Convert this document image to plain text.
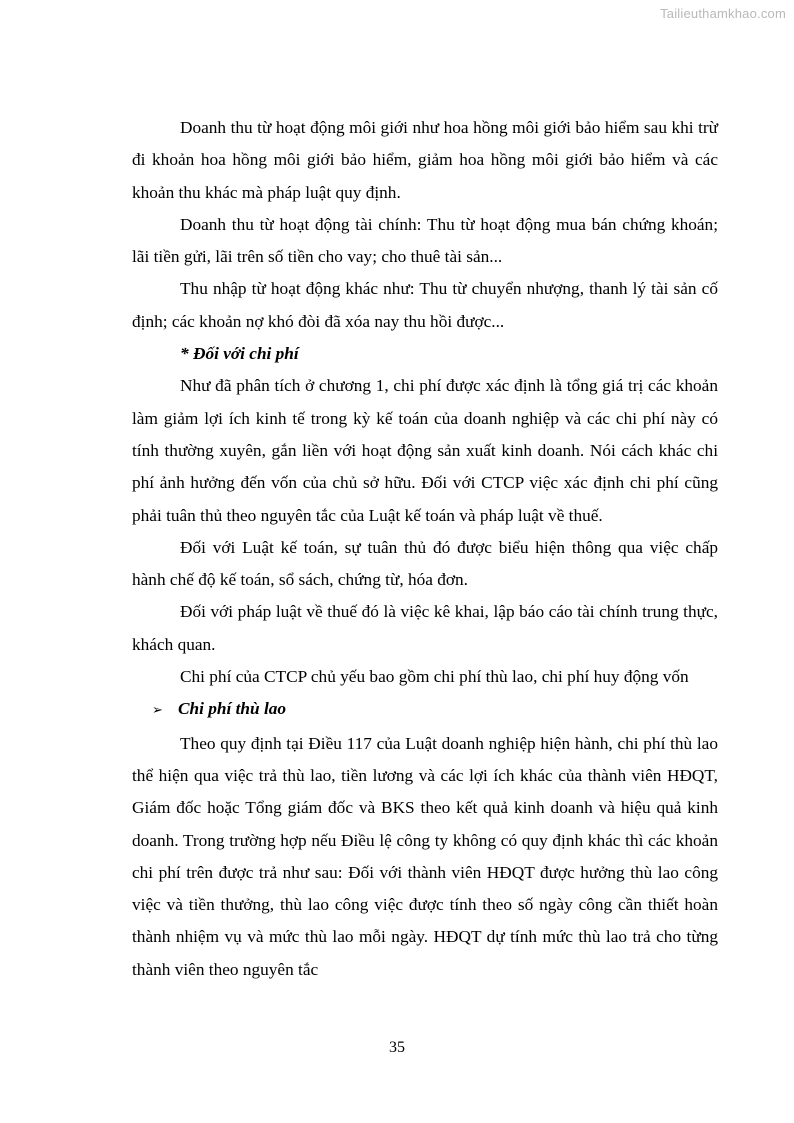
Tailieuthamkhao.com

Doanh thu từ hoạt động môi giới như hoa hồng môi giới bảo hiểm sau khi trừ đi khoản hoa hồng môi giới bảo hiểm, giảm hoa hồng môi giới bảo hiểm và các khoản thu khác mà pháp luật quy định.

Doanh thu từ hoạt động tài chính: Thu từ hoạt động mua bán chứng khoán; lãi tiền gửi, lãi trên số tiền cho vay; cho thuê tài sản...

Thu nhập từ hoạt động khác như: Thu từ chuyển nhượng, thanh lý tài sản cố định; các khoản nợ khó đòi đã xóa nay thu hồi được...

* Đối với chi phí

Như đã phân tích ở chương 1, chi phí được xác định là tổng giá trị các khoản làm giảm lợi ích kinh tế trong kỳ kế toán của doanh nghiệp và các chi phí này có tính thường xuyên, gắn liền với hoạt động sản xuất kinh doanh. Nói cách khác chi phí ảnh hưởng đến vốn của chủ sở hữu. Đối với CTCP việc xác định chi phí cũng phải tuân thủ theo nguyên tắc của Luật kế toán và pháp luật về thuế.

Đối với Luật kế toán, sự tuân thủ đó được biểu hiện thông qua việc chấp hành chế độ kế toán, sổ sách, chứng từ, hóa đơn.

Đối với pháp luật về thuế đó là việc kê khai, lập báo cáo tài chính trung thực, khách quan.

Chi phí của CTCP chủ yếu bao gồm chi phí thù lao, chi phí huy động vốn

➢ Chi phí thù lao

Theo quy định tại Điều 117 của Luật doanh nghiệp hiện hành, chi phí thù lao thể hiện qua việc trả thù lao, tiền lương và các lợi ích khác của thành viên HĐQT, Giám đốc hoặc Tổng giám đốc và BKS theo kết quả kinh doanh và hiệu quả kinh doanh. Trong trường hợp nếu Điều lệ công ty không có quy định khác thì các khoản chi phí trên được trả như sau: Đối với thành viên HĐQT được hưởng thù lao công việc và tiền thưởng, thù lao công việc được tính theo số ngày công cần thiết hoàn thành nhiệm vụ và mức thù lao mỗi ngày. HĐQT dự tính mức thù lao trả cho từng thành viên theo nguyên tắc

35
